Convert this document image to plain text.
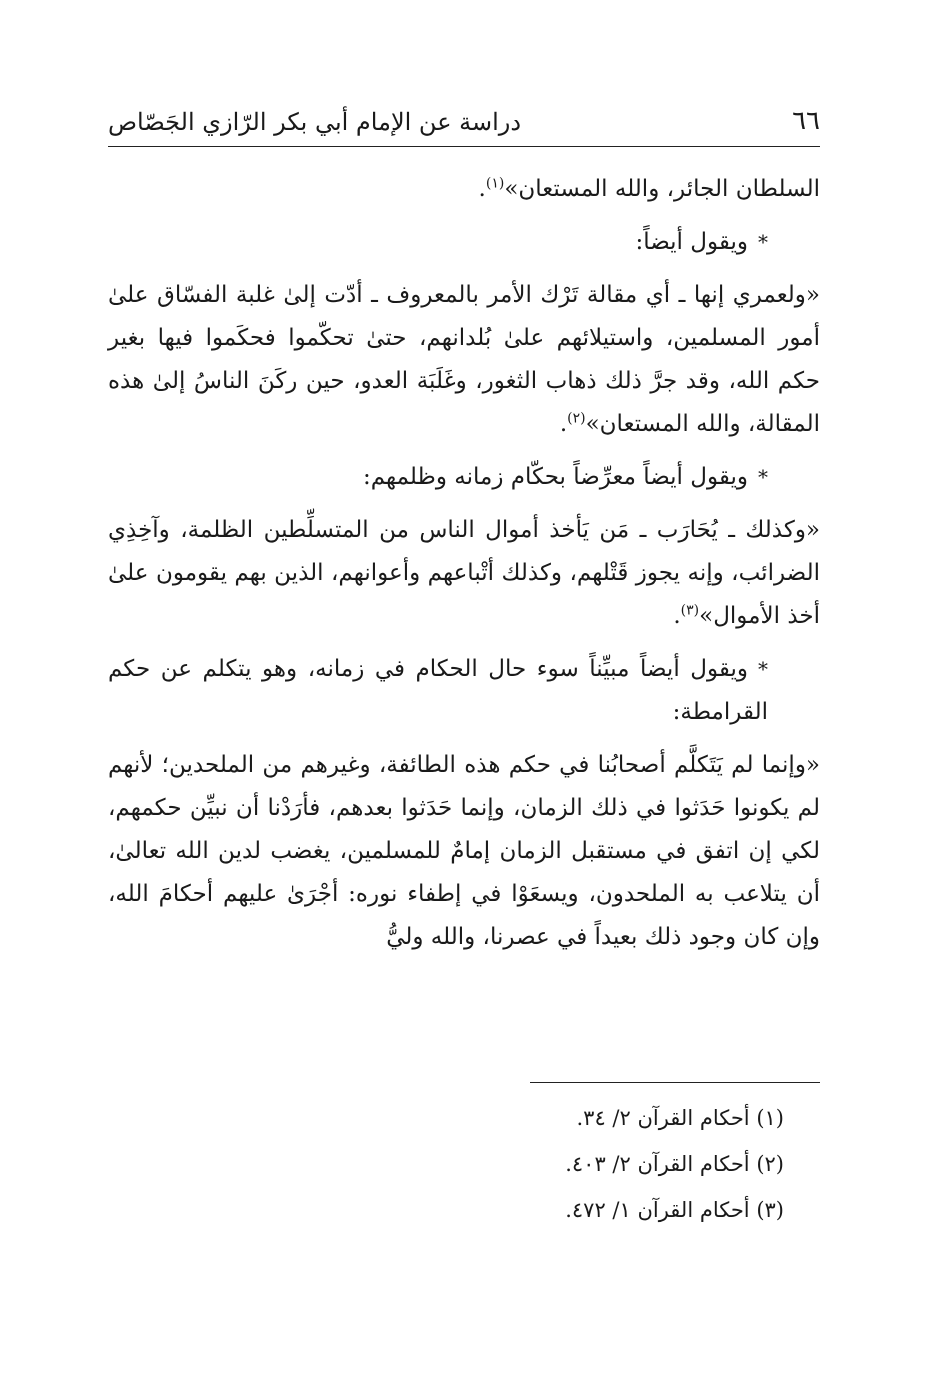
٦٦
دراسة عن الإمام أبي بكر الرّازي الجَصّاص

السلطان الجائر، والله المستعان»$^{(١)}$.

*ويقول أيضاً:

«ولعمري إنها ـ أي مقالة تَرْك الأمر بالمعروف ـ أدّت إلىٰ غلبة الفسّاق علىٰ أمور المسلمين، واستيلائهم علىٰ بُلدانهم، حتىٰ تحكّموا فحكَموا فيها بغير حكم الله، وقد جرَّ ذلك ذهاب الثغور، وغَلَبَة العدو، حين ركَنَ الناسُ إلىٰ هذه المقالة، والله المستعان»$^{(٢)}$.

*ويقول أيضاً معرِّضاً بحكّام زمانه وظلمهم:

«وكذلك ـ يُحَارَب ـ مَن يَأخذ أموال الناس من المتسلِّطين الظلمة، وآخِذِي الضرائب، وإنه يجوز قَتْلهم، وكذلك أتْباعهم وأعوانهم، الذين بهم يقومون علىٰ أخذ الأموال»$^{(٣)}$.

*ويقول أيضاً مبيِّناً سوء حال الحكام في زمانه، وهو يتكلم عن حكم القرامطة:

«وإنما لم يَتَكلَّم أصحابُنا في حكم هذه الطائفة، وغيرهم من الملحدين؛ لأنهم لم يكونوا حَدَثوا في ذلك الزمان، وإنما حَدَثوا بعدهم، فأرَدْنا أن نبيِّن حكمهم، لكي إن اتفق في مستقبل الزمان إمامٌ للمسلمين، يغضب لدين الله تعالىٰ، أن يتلاعب به الملحدون، ويسعَوْا في إطفاء نوره: أجْرَىٰ عليهم أحكامَ الله، وإن كان وجود ذلك بعيداً في عصرنا، والله وليُّ

(١) أحكام القرآن ٢/ ٣٤.
(٢) أحكام القرآن ٢/ ٤٠٣.
(٣) أحكام القرآن ١/ ٤٧٢.
